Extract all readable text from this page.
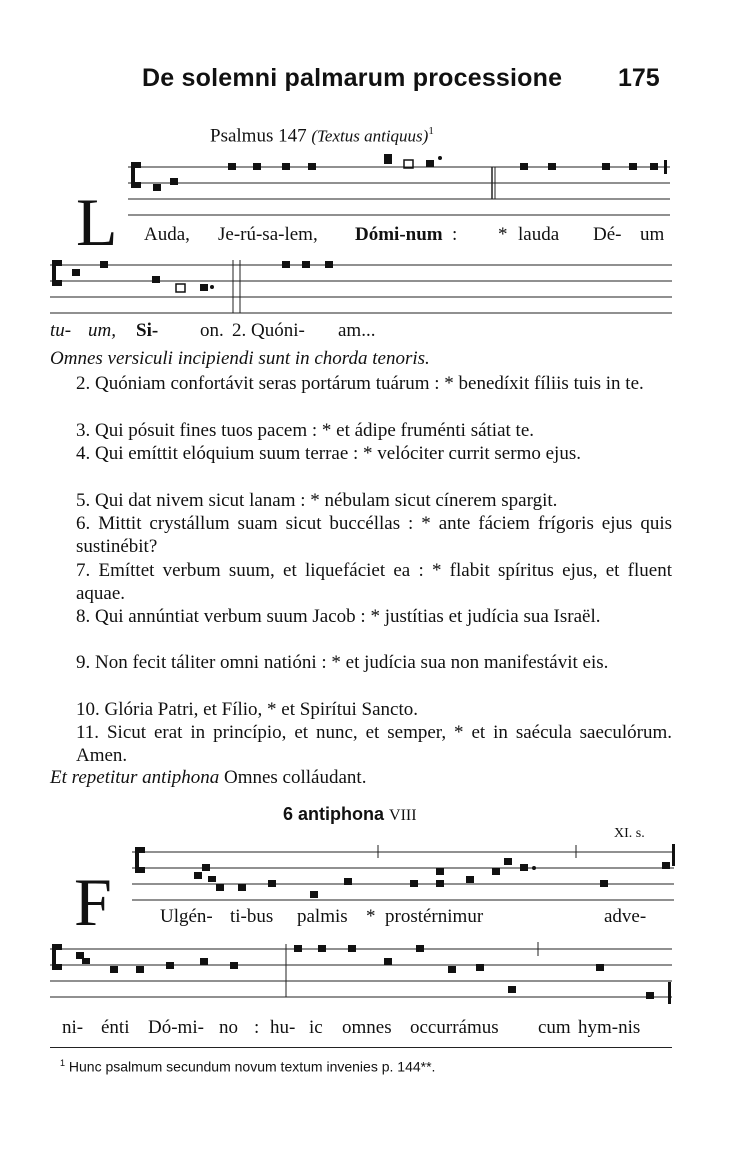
De solemni palmarum processione 175
Psalmus 147 (Textus antiquus)$^1$
L Auda, Je-rú-sa-lem, Dómi-num : * lauda Dé- um
tu- um, Si- on. 2. Quóni- am...
Omnes versiculi incipiendi sunt in chorda tenoris.
2. Quóniam confortávit seras portárum tuárum : * benedíxit fíliis tuis in te.
3. Qui pósuit fines tuos pacem : * et ádipe fruménti sátiat te.
4. Qui emíttit elóquium suum terrae : * velóciter currit sermo ejus.
5. Qui dat nivem sicut lanam : * nébulam sicut cínerem spargit.
6. Mittit crystállum suam sicut buccéllas : * ante fáciem frígoris ejus quis sustinébit?
7. Emíttet verbum suum, et liquefáciet ea : * flabit spíritus ejus, et fluent aquae.
8. Qui annúntiat verbum suum Jacob : * justítias et judícia sua Israël.
9. Non fecit táliter omni natióni : * et judícia sua non manifestávit eis.
10. Glória Patri, et Fílio, * et Spirítui Sancto.
11. Sicut erat in princípio, et nunc, et semper, * et in saécula saeculórum. Amen.
Et repetitur antiphona Omnes colláudant.
6 antiphona VIII
XI. s.
F	Ulgén- ti-bus palmis * prostérnimur	adve-
ni- énti Dó-mi- no : hu- ic omnes occurrámus cum hym-nis
$^1$ Hunc psalmum secundum novum textum invenies p. 144**.
